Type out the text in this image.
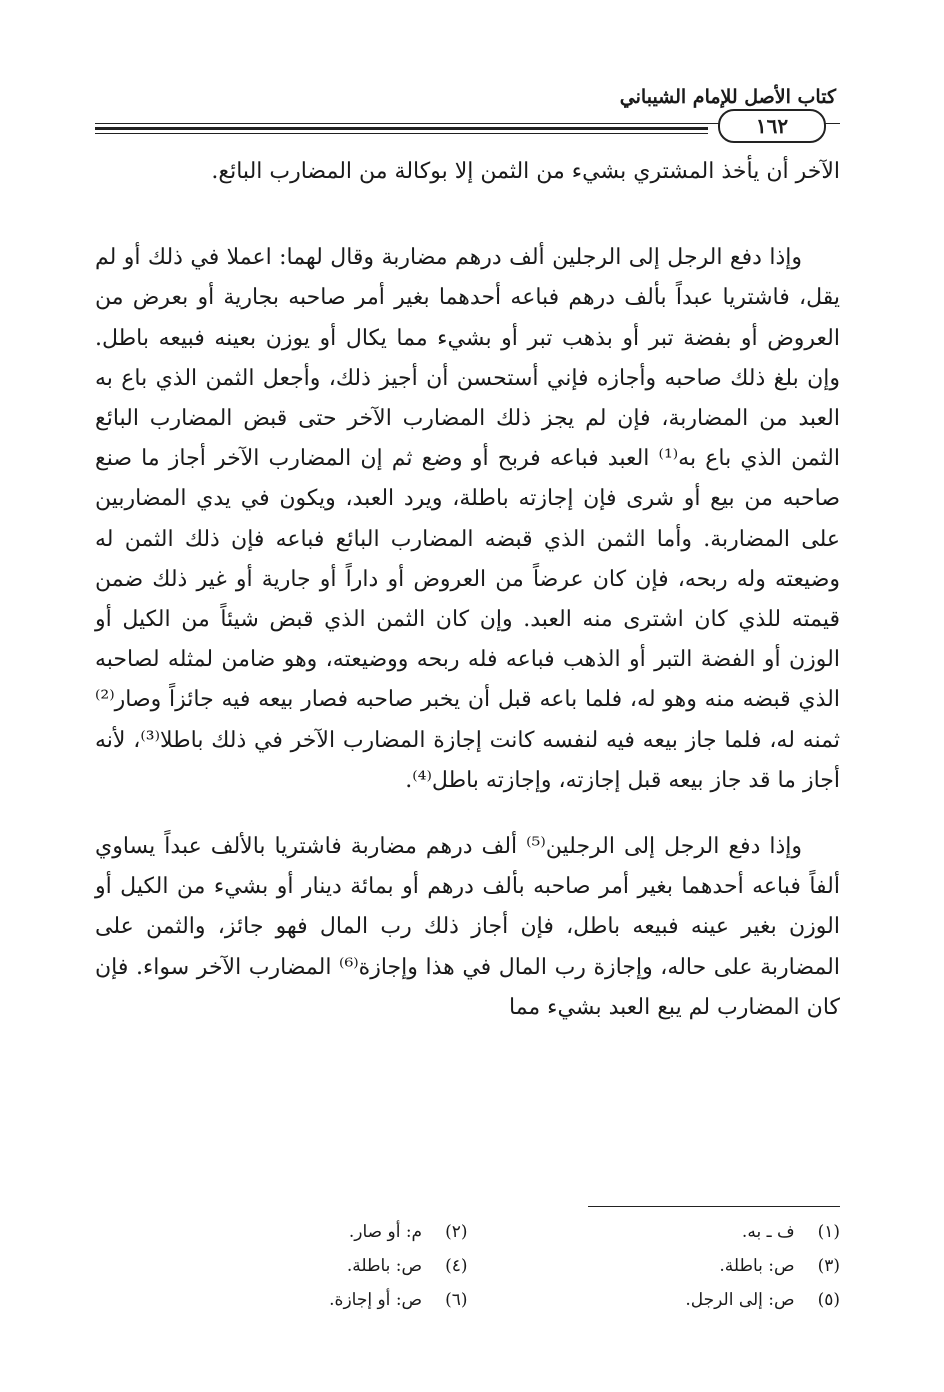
كتاب الأصل للإمام الشيباني
١٦٢

الآخر أن يأخذ المشتري بشيء من الثمن إلا بوكالة من المضارب البائع.

وإذا دفع الرجل إلى الرجلين ألف درهم مضاربة وقال لهما: اعملا في ذلك أو لم يقل، فاشتريا عبداً بألف درهم فباعه أحدهما بغير أمر صاحبه بجارية أو بعرض من العروض أو بفضة تبر أو بذهب تبر أو بشيء مما يكال أو يوزن بعينه فبيعه باطل. وإن بلغ ذلك صاحبه وأجازه فإني أستحسن أن أجيز ذلك، وأجعل الثمن الذي باع به العبد من المضاربة، فإن لم يجز ذلك المضارب الآخر حتى قبض المضارب البائع الثمن الذي باع به⁽¹⁾ العبد فباعه فربح أو وضع ثم إن المضارب الآخر أجاز ما صنع صاحبه من بيع أو شرى فإن إجازته باطلة، ويرد العبد، ويكون في يدي المضاربين على المضاربة. وأما الثمن الذي قبضه المضارب البائع فباعه فإن ذلك الثمن له وضيعته وله ربحه، فإن كان عرضاً من العروض أو داراً أو جارية أو غير ذلك ضمن قيمته للذي كان اشترى منه العبد. وإن كان الثمن الذي قبض شيئاً من الكيل أو الوزن أو الفضة التبر أو الذهب فباعه فله ربحه ووضيعته، وهو ضامن لمثله لصاحبه الذي قبضه منه وهو له، فلما باعه قبل أن يخبر صاحبه فصار بيعه فيه جائزاً وصار⁽²⁾ ثمنه له، فلما جاز بيعه فيه لنفسه كانت إجازة المضارب الآخر في ذلك باطلا⁽³⁾، لأنه أجاز ما قد جاز بيعه قبل إجازته، وإجازته باطل⁽⁴⁾.

وإذا دفع الرجل إلى الرجلين⁽⁵⁾ ألف درهم مضاربة فاشتريا بالألف عبداً يساوي ألفاً فباعه أحدهما بغير أمر صاحبه بألف درهم أو بمائة دينار أو بشيء من الكيل أو الوزن بغير عينه فبيعه باطل، فإن أجاز ذلك رب المال فهو جائز، والثمن على المضاربة على حاله، وإجازة رب المال في هذا وإجازة⁽⁶⁾ المضارب الآخر سواء. فإن كان المضارب لم يبع العبد بشيء مما

(١) ف ـ به.
(٢) م: أو صار.
(٣) ص: باطلة.
(٤) ص: باطلة.
(٥) ص: إلى الرجل.
(٦) ص: أو إجازة.
